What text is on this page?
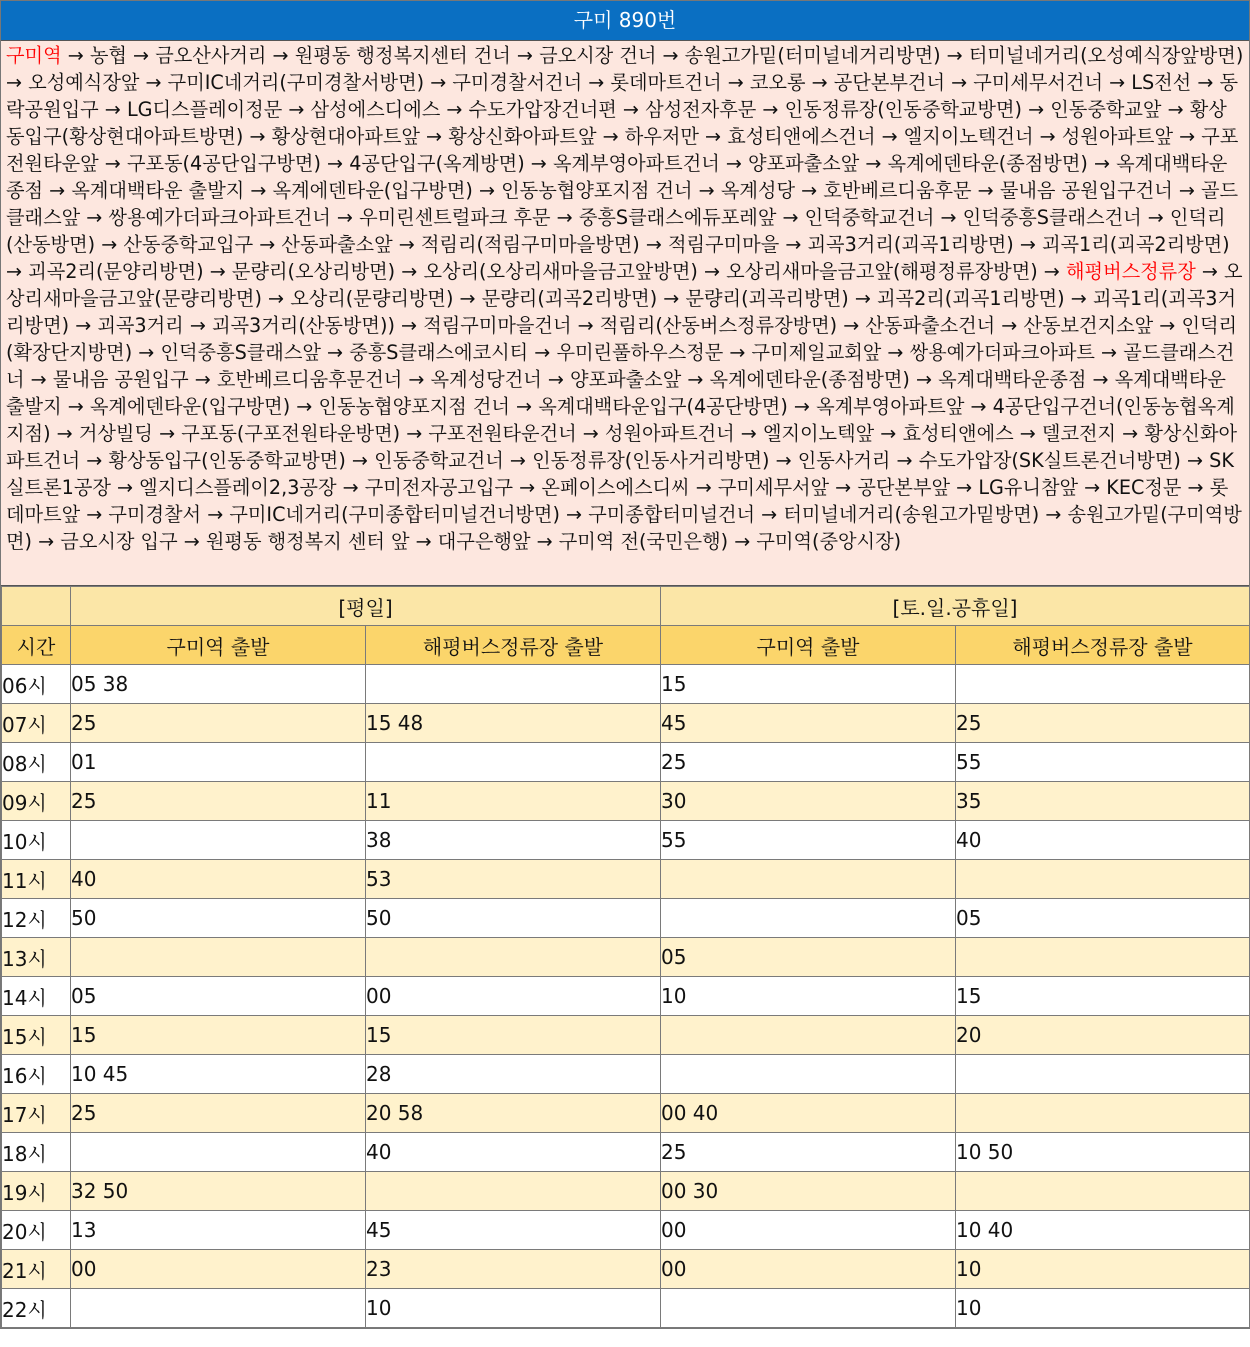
구미 890번
구미역 → 농협 → 금오산사거리 → 원평동 행정복지센터 건너 → 금오시장 건너 → 송원고가밑(터미널네거리방면) → 터미널네거리(오성예식장앞방면) → 오성예식장앞 → 구미IC네거리(구미경찰서방면) → 구미경찰서건너 → 롯데마트건너 → 코오롱 → 공단본부건너 → 구미세무서건너 → LS전선 → 동락공원입구 → LG디스플레이정문 → 삼성에스디에스 → 수도가압장건너편 → 삼성전자후문 → 인동정류장(인동중학교방면) → 인동중학교앞 → 황상동입구(황상현대아파트방면) → 황상현대아파트앞 → 황상신화아파트앞 → 하우저만 → 효성티앤에스건너 → 엘지이노텍건너 → 성원아파트앞 → 구포전원타운앞 → 구포동(4공단입구방면) → 4공단입구(옥계방면) → 옥계부영아파트건너 → 양포파출소앞 → 옥계에덴타운(종점방면) → 옥계대백타운종점 → 옥계대백타운 출발지 → 옥계에덴타운(입구방면) → 인동농협양포지점 건너 → 옥계성당 → 호반베르디움후문 → 물내음 공원입구건너 → 골드클래스앞 → 쌍용예가더파크아파트건너 → 우미린센트럴파크 후문 → 중흥S클래스에듀포레앞 → 인덕중학교건너 → 인덕중흥S클래스건너 → 인덕리(산동방면) → 산동중학교입구 → 산동파출소앞 → 적림리(적림구미마을방면) → 적림구미마을 → 괴곡3거리(괴곡1리방면) → 괴곡1리(괴곡2리방면) → 괴곡2리(문양리방면) → 문량리(오상리방면) → 오상리(오상리새마을금고앞방면) → 오상리새마을금고앞(해평정류장방면) → 해평버스정류장 → 오상리새마을금고앞(문량리방면) → 오상리(문량리방면) → 문량리(괴곡2리방면) → 문량리(괴곡리방면) → 괴곡2리(괴곡1리방면) → 괴곡1리(괴곡3거리방면) → 괴곡3거리 → 괴곡3거리(산동방면)) → 적림구미마을건너 → 적림리(산동버스정류장방면) → 산동파출소건너 → 산동보건지소앞 → 인덕리(확장단지방면) → 인덕중흥S클래스앞 → 중흥S클래스에코시티 → 우미린풀하우스정문 → 구미제일교회앞 → 쌍용예가더파크아파트 → 골드클래스건너 → 물내음 공원입구 → 호반베르디움후문건너 → 옥계성당건너 → 양포파출소앞 → 옥계에덴타운(종점방면) → 옥계대백타운종점 → 옥계대백타운 출발지 → 옥계에덴타운(입구방면) → 인동농협양포지점 건너 → 옥계대백타운입구(4공단방면) → 옥계부영아파트앞 → 4공단입구건너(인동농협옥계지점) → 거상빌딩 → 구포동(구포전원타운방면) → 구포전원타운건너 → 성원아파트건너 → 엘지이노텍앞 → 효성티앤에스 → 델코전지 → 황상신화아파트건너 → 황상동입구(인동중학교방면) → 인동중학교건너 → 인동정류장(인동사거리방면) → 인동사거리 → 수도가압장(SK실트론건너방면) → SK실트론1공장 → 엘지디스플레이2,3공장 → 구미전자공고입구 → 온페이스에스디씨 → 구미세무서앞 → 공단본부앞 → LG유니참앞 → KEC정문 → 롯데마트앞 → 구미경찰서 → 구미IC네거리(구미종합터미널건너방면) → 구미종합터미널건너 → 터미널네거리(송원고가밑방면) → 송원고가밑(구미역방면) → 금오시장 입구 → 원평동 행정복지 센터 앞 → 대구은행앞 → 구미역 전(국민은행) → 구미역(중앙시장)
	[평일]		[토.일.공휴일]	
시간	구미역 출발	해평버스정류장 출발	구미역 출발	해평버스정류장 출발
06시	05 38		15	
07시	25	15 48	45	25
08시	01		25	55
09시	25	11	30	35
10시		38	55	40
11시	40	53		
12시	50	50		05
13시			05	
14시	05	00	10	15
15시	15	15		20
16시	10 45	28		
17시	25	20 58	00 40	
18시		40	25	10 50
19시	32 50		00 30	
20시	13	45	00	10 40
21시	00	23	00	10
22시		10		10
